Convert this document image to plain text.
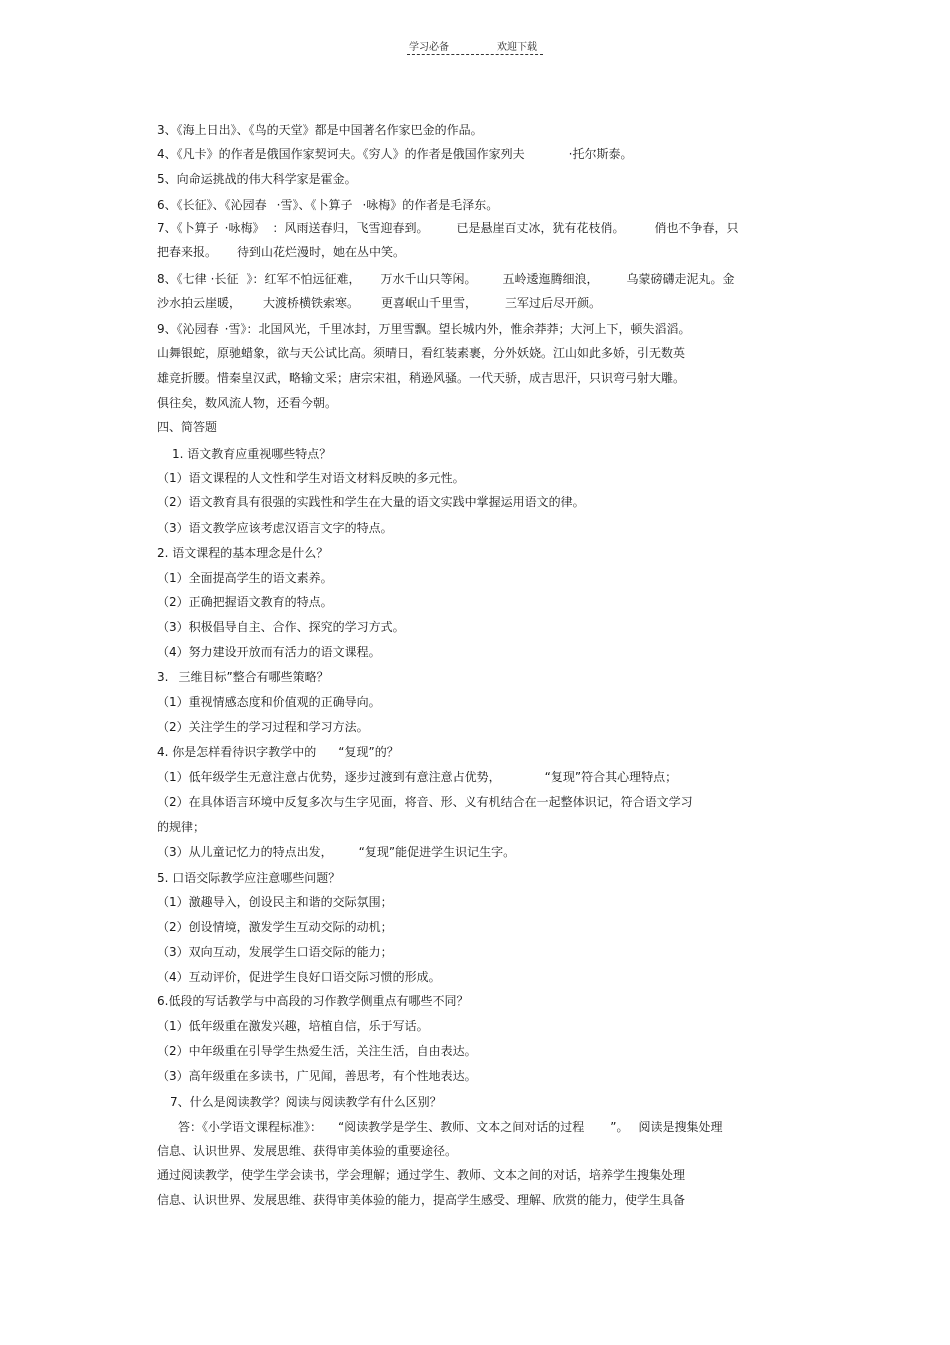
学习必备	欢迎下载
3、《海上日出》、《鸟的天堂》都是中国著名作家巴金的作品。
4、《凡卡》的作者是俄国作家契诃夫。《穷人》的作者是俄国作家列夫	·托尔斯泰。
5、向命运挑战的伟大科学家是霍金。
6、《长征》、《沁园春 ·雪》、《卜算子 ·咏梅》的作者是毛泽东。
7、《卜算子 ·咏梅》 ：风雨送春归，飞雪迎春到。 已是悬崖百丈冰，犹有花枝俏。	俏也不争春，只
把春来报。 待到山花烂漫时，她在丛中笑。
8、《七律 ·长征 》：红军不怕远征难， 万水千山只等闲。 五岭逶迤腾细浪， 乌蒙磅礴走泥丸。金
沙水拍云崖暖， 大渡桥横铁索寒。 更喜岷山千里雪， 三军过后尽开颜。
9、《沁园春 ·雪》：北国风光，千里冰封，万里雪飘。望长城内外，惟余莽莽；大河上下，顿失滔滔。
山舞银蛇，原驰蜡象，欲与天公试比高。须晴日，看红装素裹，分外妖娆。江山如此多娇，引无数英
雄竞折腰。惜秦皇汉武，略输文采；唐宗宋祖，稍逊风骚。一代天骄，成吉思汗，只识弯弓射大雕。
俱往矣，数风流人物，还看今朝。
四、简答题
1. 语文教育应重视哪些特点？
（1）语文课程的人文性和学生对语文材料反映的多元性。
（2）语文教育具有很强的实践性和学生在大量的语文实践中掌握运用语文的律。
（3）语文教学应该考虑汉语言文字的特点。
2. 语文课程的基本理念是什么？
（1）全面提高学生的语文素养。
（2）正确把握语文教育的特点。
（3）积极倡导自主、合作、探究的学习方式。
（4）努力建设开放而有活力的语文课程。
3. 三维目标”整合有哪些策略？
（1）重视情感态度和价值观的正确导向。
（2）关注学生的学习过程和学习方法。
4. 你是怎样看待识字教学中的 “复现”的？
（1）低年级学生无意注意占优势，逐步过渡到有意注意占优势，	“复现”符合其心理特点；
（2）在具体语言环境中反复多次与生字见面，将音、形、义有机结合在一起整体识记，符合语文学习
的规律；
（3）从儿童记忆力的特点出发， “复现”能促进学生识记生字。
5. 口语交际教学应注意哪些问题？
（1）激趣导入，创设民主和谐的交际氛围；
（2）创设情境，激发学生互动交际的动机；
（3）双向互动，发展学生口语交际的能力；
（4）互动评价，促进学生良好口语交际习惯的形成。
6.低段的写话教学与中高段的习作教学侧重点有哪些不同？
（1）低年级重在激发兴趣，培植自信，乐于写话。
（2）中年级重在引导学生热爱生活，关注生活，自由表达。
（3）高年级重在多读书，广见闻，善思考，有个性地表达。
7、什么是阅读教学？阅读与阅读教学有什么区别？
答：《小学语文课程标准》： “阅读教学是学生、教师、文本之间对话的过程 ”。 阅读是搜集处理
信息、认识世界、发展思维、获得审美体验的重要途径。
通过阅读教学，使学生学会读书，学会理解；通过学生、教师、文本之间的对话，培养学生搜集处理
信息、认识世界、发展思维、获得审美体验的能力，提高学生感受、理解、欣赏的能力，使学生具备
